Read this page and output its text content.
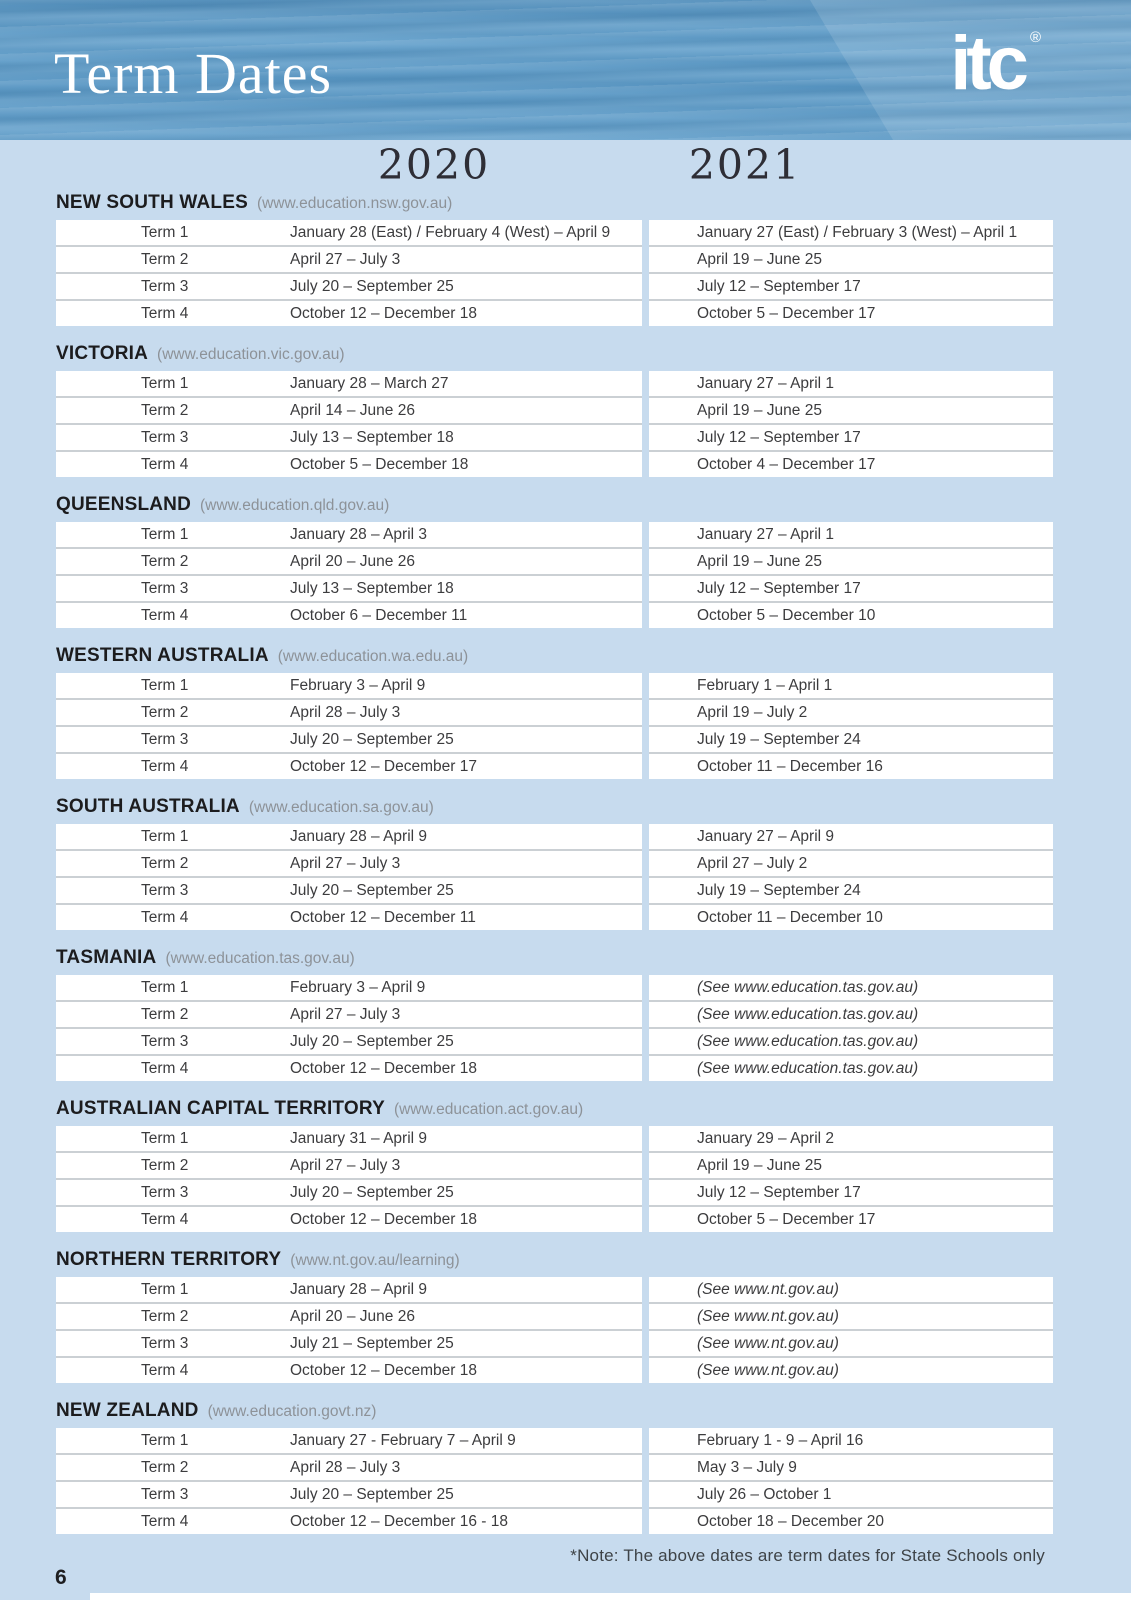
Term Dates	itc ®
2020	2021
NEW SOUTH WALES (www.education.nsw.gov.au)
Term 1	January 28 (East) / February 4 (West) – April 9	January 27 (East) / February 3 (West) – April 1
Term 2	April 27 – July 3	April 19 – June 25
Term 3	July 20 – September 25	July 12 – September 17
Term 4	October 12 – December 18	October 5 – December 17
VICTORIA (www.education.vic.gov.au)
Term 1	January 28 – March 27	January 27 – April 1
Term 2	April 14 – June 26	April 19 – June 25
Term 3	July 13 – September 18	July 12 – September 17
Term 4	October 5 – December 18	October 4 – December 17
QUEENSLAND (www.education.qld.gov.au)
Term 1	January 28 – April 3	January 27 – April 1
Term 2	April 20 – June 26	April 19 – June 25
Term 3	July 13 – September 18	July 12 – September 17
Term 4	October 6 – December 11	October 5 – December 10
WESTERN AUSTRALIA (www.education.wa.edu.au)
Term 1	February 3 – April 9	February 1 – April 1
Term 2	April 28 – July 3	April 19 – July 2
Term 3	July 20 – September 25	July 19 – September 24
Term 4	October 12 – December 17	October 11 – December 16
SOUTH AUSTRALIA (www.education.sa.gov.au)
Term 1	January 28 – April 9	January 27 – April 9
Term 2	April 27 – July 3	April 27 – July 2
Term 3	July 20 – September 25	July 19 – September 24
Term 4	October 12 – December 11	October 11 – December 10
TASMANIA (www.education.tas.gov.au)
Term 1	February 3 – April 9	(See www.education.tas.gov.au)
Term 2	April 27 – July 3	(See www.education.tas.gov.au)
Term 3	July 20 – September 25	(See www.education.tas.gov.au)
Term 4	October 12 – December 18	(See www.education.tas.gov.au)
AUSTRALIAN CAPITAL TERRITORY (www.education.act.gov.au)
Term 1	January 31 – April 9	January 29 – April 2
Term 2	April 27 – July 3	April 19 – June 25
Term 3	July 20 – September 25	July 12 – September 17
Term 4	October 12 – December 18	October 5 – December 17
NORTHERN TERRITORY (www.nt.gov.au/learning)
Term 1	January 28 – April 9	(See www.nt.gov.au)
Term 2	April 20 – June 26	(See www.nt.gov.au)
Term 3	July 21 – September 25	(See www.nt.gov.au)
Term 4	October 12 – December 18	(See www.nt.gov.au)
NEW ZEALAND (www.education.govt.nz)
Term 1	January 27 - February 7 – April 9	February 1 - 9 – April 16
Term 2	April 28 – July 3	May 3 – July 9
Term 3	July 20 – September 25	July 26 – October 1
Term 4	October 12 – December 16 - 18	October 18 – December 20
*Note: The above dates are term dates for State Schools only
6
